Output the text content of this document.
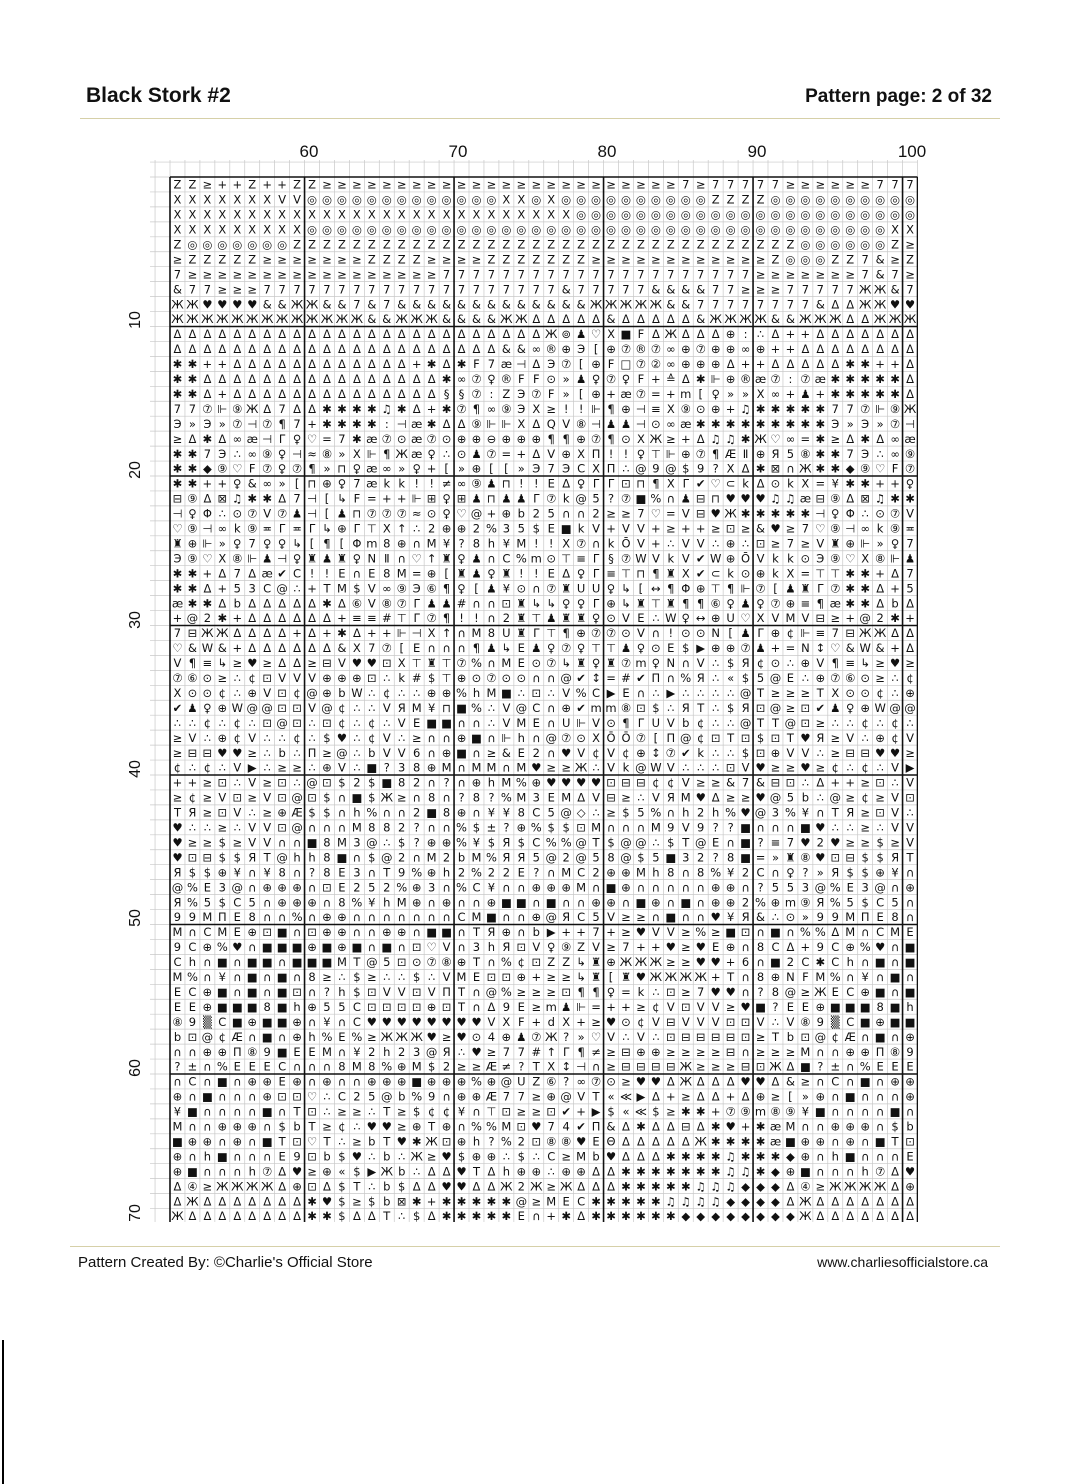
Black Stork #2	Pattern page: 2 of 32
60	70	80	90	100
10
20
30
40
50
60
70
Z Z ≥ + + Z + + Z Z ≥ ≥ ≥ ≥ ≥ ≥ ≥ ≥ ≥ ≥ ≥ ≥ ≥ ≥ ≥ ≥ ≥ ≥ ≥ ≥ ≥ ≥ ≥ ≥ 7 ≥ 7 7 7 7 7 ≥ ≥ ≥ ≥ ≥ ≥ 7 7 7
X X X X X X X V V ◎ ◎ ◎ ◎ ◎ ◎ ◎ ◎ ◎ ◎ ◎ ◎ ◎ X X ◎ X ◎ ◎ ◎ ◎ ◎ ◎ ◎ ◎ ◎ ◎ Z Z Z Z ◎ ◎ ◎ ◎ ◎ ◎ ◎ ◎ ◎ ◎
X X X X X X X X X X X X X X X X X X X X X X X X X X X ◎ ◎ ◎ ◎ ◎ ◎ ◎ ◎ ◎ ◎ ◎ ◎ ◎ ◎ ◎ ◎ ◎ ◎ ◎ ◎ ◎ ◎ ◎
X X X X X X X X X ◎ ◎ ◎ ◎ ◎ ◎ ◎ ◎ ◎ ◎ ◎ ◎ ◎ ◎ ◎ ◎ ◎ ◎ ◎ ◎ ◎ ◎ ◎ ◎ ◎ ◎ ◎ ◎ ◎ ◎ ◎ ◎ ◎ ◎ ◎ ◎ ◎ ◎ ◎ X X
Z ◎ ◎ ◎ ◎ ◎ ◎ ◎ Z Z Z Z Z Z Z Z Z Z Z Z Z Z Z Z Z Z Z Z Z Z Z Z Z Z Z Z Z Z Z Z Z Z ◎ ◎ ◎ ◎ ◎ ◎ Z ≥
≥ Z Z Z Z Z ≥ ≥ ≥ ≥ ≥ ≥ ≥ Z Z Z Z ≥ ≥ ≥ ≥ Z Z Z Z Z Z Z ≥ ≥ ≥ ≥ ≥ ≥ ≥ ≥ ≥ ≥ ≥ ≥ Z ◎ ◎ ◎ Z Z 7 & ≥ Z
7 ≥ ≥ ≥ ≥ ≥ ≥ ≥ ≥ ≥ ≥ ≥ ≥ ≥ ≥ ≥ ≥ ≥ 7 7 7 7 7 7 7 7 7 7 7 7 7 7 7 7 7 7 7 7 7 ≥ ≥ ≥ ≥ ≥ ≥ ≥ 7 & 7 ≥
& 7 7 ≥ ≥ ≥ 7 7 7 7 7 7 7 7 7 7 7 7 7 7 7 7 7 7 7 7 & 7 7 7 7 7 & & & & 7 7 ≥ ≥ ≥ 7 7 7 7 7 Ж Ж & 7
Ж Ж ♥ ♥ ♥ ♥ & & Ж Ж & & 7 & 7 & & & & & & & & & & & & & Ж Ж Ж Ж Ж & & 7 7 7 7 7 7 7 7 & Δ Δ Ж Ж ♥ ♥
Ж Ж Ж Ж Ж Ж Ж Ж Ж Ж Ж Ж Ж & & Ж Ж Ж & & & & Ж Ж Δ Δ Δ Δ Δ & Δ Δ Δ Δ Δ & Ж Ж Ж Ж & & Ж Ж Ж Δ Δ Ж Ж Ж
Δ Δ Δ Δ Δ Δ Δ Δ Δ Δ Δ Δ Δ Δ Δ Δ Δ Δ Δ Δ Δ Δ Δ Δ Δ Ж ⊚ ♟ ♡ Χ ■ F Δ Ж Δ Δ Δ ⊕ : ∴ Δ + + Δ Δ Δ Δ Δ Δ Δ
Δ Δ Δ Δ Δ Δ Δ Δ Δ Δ Δ Δ Δ Δ Δ Δ Δ Δ Δ Δ Δ Δ & & ∞ ® ⊕ Э [ ⊕ ⑦ ® ⑦ ∞ ⊕ ⑦ ⊕ ⊕ ∞ ⊕ + + Δ Δ Δ Δ Δ Δ Δ Δ
✱ ✱ + + Δ Δ Δ Δ Δ Δ Δ Δ Δ Δ Δ Δ + ✱ Δ ✱ F 7 æ ⊣ Δ Э ⑦ [ ⊕ F □ ⑦ ② ∞ ⊕ ⊕ ⊕ Δ + + Δ Δ Δ Δ Δ ✱ ✱ + + Δ
✱ ✱ Δ Δ Δ Δ Δ Δ Δ Δ Δ Δ Δ Δ Δ Δ Δ Δ ✱ ∞ ⑦ ♀ ® F F ⊙ » ♟ ♀ ⑦ ♀ F + ≙ Δ ✱ ⊩ ⊕ ® æ ⑦ : ⑦ æ ✱ ✱ ✱ ✱ ✱ Δ
✱ ✱ Δ + Δ Δ Δ Δ Δ Δ Δ Δ Δ Δ Δ Δ Δ Δ § § ⑦ : Z Э ⑦ F » [ ⊕ + æ ⑦ = + m [ ♀ » » X ∞ + ♟ + ✱ ✱ ✱ ✱ ✱ Δ
7 7 ⑦ ⊩ ⑨ Ж Δ 7 Δ Δ ✱ ✱ ✱ ✱ ♫ ✱ Δ + ✱ ⑦ ¶ ∞ ⑨ Э X ≥ ! ! ⊩ ¶ ⊕ ⊣ ≡ X ⑨ ⊙ ⊕ + ♫ ✱ ✱ ✱ ✱ ✱ 7 7 ⑦ ⊩ ⑨ Ж
Э » Э » ⑦ ⊣ ⑦ ¶ 7 + ✱ ✱ ✱ ✱ : ⊣ æ ✱ Δ Δ ⑨ ⊩ ⊩ X Δ Q V ⑧ ⊣ ♟ ♟ ⊣ ⊙ ∞ æ ✱ ✱ ✱ ✱ ✱ ✱ ✱ ✱ ✱ Э » Э » ⑦ ⊣
≥ Δ ✱ Δ ∞ æ ⊣ Γ ♀ ♡ = 7 ✱ æ ⑦ ⊙ æ ⑦ ⊙ ⊕ ⊕ ⊖ ⊕ ⊕ ⊕ ¶ ¶ ⊕ ⑦ ¶ ⊙ X Ж ≥ + Δ ♫ ♫ ✱ Ж ♡ ∞ = ✱ ≥ Δ ✱ Δ ∞ æ
✱ ✱ 7 Э ∴ ∞ ⑨ ♀ ⊣ ≈ ⑧ » X ⊩ ¶ Ж æ ♀ ∴ ⊙ ♟ ⑦ = + Δ V ⊕ X Π ! ! ♀ ⊤ ⊩ ⊕ ⑦ ¶ Æ Ⅱ ⊕ Я 5 ⑧ ✱ ✱ 7 Э ∴ ∞ ⑨
✱ ✱ ◆ ⑨ ♡ F ⑦ ♀ ⑦ ¶ » ⊓ ♀ æ ∞ » ♀ + [ » ⊕ [ [ » Э 7 Э C X Π ∴ @ 9 @ $ 9 ? X Δ ✱ ⊠ ∩ Ж ✱ ✱ ◆ ⑨ ♡ F ⑦
✱ ✱ + + ♀ & ∞ » [ ⊓ ⊕ ♀ 7 æ k k ! ! ≠ ∞ ⑨ ♟ ⊓ ! ! E Δ ♀ Γ Γ ⊡ ⊓ ¶ X Γ ✔ ♡ ⊂ k Δ ⊙ k X = ¥ ✱ ✱ + + ♀
⊟ ⑨ Δ ⊠ ♫ ✱ ✱ Δ 7 ⊣ [ ↳ F = + + ⊩ ⊞ ♀ ⊞ ♟ ⊓ ♟ ♟ Γ ⑦ k @ 5 ? ⑦ ■ % ∩ ♟ ⊟ ⊓ ♥ ♥ ♥ ♫ ♫ æ ⊟ ⑨ Δ ⊠ ♫ ✱ ✱
⊣ ♀ Φ ∴ ⊙ ⑦ V ⑦ ♟ ⊣ [ ♟ ⊓ ⑦ ⑦ ⑦ ≈ ⊙ ♀ ♡ @ + ⊕ b 2 5 ∩ ∩ 2 ≥ ≥ 7 ♡ = V ⊟ ♥ Ж ✱ ✱ ✱ ✱ ✱ ⊣ ♀ Φ ∴ ⊙ ⑦ V
♡ ⑨ ⊣ ∞ k ⑨ ≖ Γ ≖ Γ ↳ ⊕ Γ ⊤ X ↑ ∴ 2 ⊕ ⊕ 2 % 3 5 $ E ■ k V + V V + ≥ + + ≥ ⊡ ≥ & ♥ ≥ 7 ♡ ⑨ ⊣ ∞ k ⑨ ≖
♜ ⊕ ⊩ » ♀ 7 ♀ ♀ ↳ [ ¶ [ Φ m 8 ⊕ ∩ M ¥ ? 8 h ¥ M ! ! X ⑦ ∩ k Ō V + ∴ V V ∴ ⊕ ∴ ⊡ ≥ 7 ≥ V ♜ ⊕ ⊩ » ♀ 7
Э ⑨ ♡ X ⑧ ⊩ ♟ ⊣ ♀ ♜ ♟ ♜ ♀ N Ⅱ ∩ ♡ ↑ ♜ ♀ ♟ ∩ C % m ⊙ ⊤ ≡ Γ § ⑦ W V k V ✔ W ⊕ Ō V k k ⊙ Э ⑨ ♡ X ⑧ ⊩ ♟
✱ ✱ + Δ 7 Δ æ ✔ C ! ! E ∩ E 8 M = ⊕ [ ♜ ♟ ♀ ♜ ! ! E Δ ♀ Γ ≡ ⊤ ⊓ ¶ ♜ X ✔ ⊂ k ⊙ ⊕ k X = ⊤ ⊤ ✱ ✱ + Δ 7
✱ ✱ Δ + 5 3 C @ ∴ + T M $ V ∞ ⑨ Э ⑥ ¶ ♀ [ ♟ ¥ ⊙ ∩ ⑦ ♜ U U ♀ ↳ [ ↔ ¶ Φ ⊕ ⊤ ¶ ⊩ ⑦ [ ♟ ♜ Γ ⑦ ✱ ✱ Δ + 5
æ ✱ ✱ Δ b Δ Δ Δ Δ Δ ✱ Δ ⑥ V ⑧ ⑦ Γ ♟ ♟ # ∩ ∩ ⊡ ♜ ↳ ↳ ♀ ♀ Γ ⊕ ↳ ♜ ⊤ ♜ ¶ ¶ ⑥ ♀ ♟ ♀ ⑦ ⊕ ≡ ¶ æ ✱ ✱ Δ b Δ
+ @ 2 ✱ + Δ Δ Δ Δ Δ Δ + ≡ ≡ # ⊤ Γ ⑦ ¶ ! ! ∩ 2 ♜ ⊤ ♟ ♜ ♜ ♀ ⊙ V E ∴ W ♀ ↔ ⊕ U ♡ X V M V ⊟ ≥ + @ 2 ✱ +
7 ⊟ Ж Ж Δ Δ Δ Δ + Δ + ✱ Δ + + ⊩ ⊣ X ↑ ∩ M 8 U ♜ Γ ⊤ ¶ ⊕ ⑦ ⑦ ⊙ V ∩ ! ⊙ ⊙ N [ ♟ Γ ⊕ ¢ ⊩ ≡ 7 ⊟ Ж Ж Δ Δ
♡ & W & + Δ Δ Δ Δ Δ Δ & X 7 ⑦ [ E ∩ ∩ ∩ ¶ ♟ ↳ E ♟ ♀ ⑦ ♀ ⊤ ⊤ ♟ ♀ ⊙ E $ ▶ ⊕ ⊕ ⑦ ♟ + = N ↕ ♡ & W & + Δ
V ¶ ≡ ↳ ≥ ♥ ≥ Δ Δ ≥ ⊟ V ♥ ♥ ⊡ X ⊤ ♜ ⊤ ⑦ % ∩ M E ⊙ ⑦ ↳ ♜ ♀ ♜ ⑦ m ♀ N ∩ V ∴ $ Я ¢ ⊙ ∴ ⊕ V ¶ ≡ ↳ ≥ ♥ ≥
⑦ ⑥ ⊙ ≥ ∴ ¢ ⊡ V V V ⊕ ⊕ ⊕ ⊡ ∴ k # $ ⊤ ⊕ ⊙ ⑦ ⊙ ⊙ ∩ ∩ @ ✔ ↕ = # ✔ Π ∩ % Я ∴ « $ 5 @ E ∴ ⊕ ⑦ ⑥ ⊙ ≥ ∴ ¢
X ⊙ ⊙ ¢ ∴ ⊕ V ⊡ ¢ @ ⊕ b W ∴ ¢ ∴ ∴ ⊕ ⊕ % h M ■ ∴ ⊡ ∴ V % C ▶ E ∩ ∴ ▶ ∴ ∴ ∴ ∴ @ T ≥ ≥ ≥ T X ⊙ ⊙ ¢ ∴ ⊕
✔ ♟ ♀ ⊕ W @ @ ⊡ ⊡ V @ ¢ ∴ ∴ V Я M ¥ ⊓ ■ % ∴ V @ C ∩ ⊕ ✔ m m ⑧ ⊡ $ ∴ Я T ∴ $ Я ⊡ @ ≥ ⊡ ✔ ♟ ♀ ⊕ W @ @
∴ ∴ ¢ ∴ ¢ ∴ ⊡ @ ⊡ ∴ ⊡ ¢ ∴ ¢ ∴ V E ■ ■ ∩ ∩ ∴ V M E ∩ U ⊩ V ⊙ ¶ Γ U V b ¢ ∴ ∴ @ T T @ ⊡ ≥ ∴ ∴ ¢ ∴ ¢ ∴
≥ V ∴ ⊕ ¢ V ∴ ∴ ¢ ∴ $ ♥ ∴ ¢ V ∴ ≥ ∩ ∩ ⊕ ■ ∩ ⊩ h ∩ @ ⑦ ⊙ X Ō Ō ⑦ [ Π @ ¢ ⊡ T ⊡ $ ⊡ T ♥ Я ≥ V ∴ ⊕ ¢ V
≥ ⊟ ⊟ ♥ ♥ ≥ ∴ b ∴ Π ≥ @ ∴ b V V 6 ∩ ⊕ ■ ∩ ≥ & E 2 ∩ ♥ V ¢ V ¢ ⊕ ↕ ⑦ ✔ k ∴ ∴ $ ⊡ ⊕ V V ∴ ≥ ⊟ ⊟ ♥ ♥ ≥
¢ ∴ ¢ ∴ V ▶ ∴ ≥ ≥ ∴ ⊕ V ∴ ■ ? 3 8 ⊕ M ∩ M M ∩ M ♥ ≥ ≥ Ж ∴ V k @ W V ∴ ∴ ∴ ⊡ V ♥ ≥ ≥ ♥ ≥ ¢ ∴ ¢ ∴ V ▶
+ + ≥ ⊡ ∴ V ≥ ⊡ ∴ @ ⊡ $ 2 $ ■ 8 2 ∩ ? ∩ ⊕ h M % ⊕ ♥ ♥ ♥ ♥ ⊡ ⊟ ⊟ ¢ ¢ V ≥ ≥ & 7 & ⊟ ⊡ ∴ Δ + + ≥ ⊡ ∴ V
≥ ¢ ≥ V ⊡ ≥ V ⊡ @ ⊡ $ ∩ ■ $ Ж ≥ ∩ 8 ∩ ? 8 ? % M 3 E M Δ V ⊟ ≥ ∴ V Я M ♥ Δ ≥ ≥ ♥ @ 5 b ∴ @ ≥ ¢ ≥ V ⊡
T Я ≥ ⊡ V ∴ ≥ ⊕ Æ $ $ ∩ h % ∩ ∩ 2 ■ 8 ⊕ ∩ ¥ ¥ 8 C 5 @ ◇ ∴ ≥ $ 5 % ∩ h 2 h % ♥ @ 3 % ¥ ∩ T Я ≥ ⊡ V ∴
♥ ∴ ∴ ≥ ∴ V V ⊡ @ ∩ ∩ ∩ M 8 8 2 ? ∩ ∩ % $ ± ? ⊕ % $ $ ⊡ M ∩ ∩ ∩ M 9 V 9 ? ? ■ ∩ ∩ ∩ ■ ♥ ∴ ∴ ≥ ∴ V V
♥ ≥ ≥ $ ≥ V V ∩ ∩ ■ 8 M 3 @ ∴ $ ? ⊕ ⊕ % ¥ $ Я $ C % % @ T $ @ @ ∴ $ T @ E ∩ ■ ? ≡ 7 ♥ 2 ♥ ≥ ≥ $ ≥ V
♥ ⊡ ⊟ $ $ Я T @ h h 8 ■ ∩ $ @ 2 ∩ M 2 b M % Я Я 5 @ 2 @ 5 8 @ $ 5 ■ 3 2 ? 8 ■ = » ♜ ⑧ ♥ ⊡ ⊟ $ $ Я T
Я $ $ ⊕ ¥ ∩ ¥ 8 ∩ ? 8 E 3 ∩ T 9 % ⊕ h 2 % 2 2 E ? ∩ M C 2 ⊕ ⊕ M h 8 ∩ 8 % ¥ 2 C ∩ ♀ ? » Я $ $ ⊕ ¥ ∩
@ % E 3 @ ∩ ⊕ ⊕ ⊕ ∩ ⊡ E 2 5 2 % ⊕ 3 ∩ % C ¥ ∩ ∩ ⊕ ⊕ ⊕ M ∩ ■ ⊕ ∩ ∩ ∩ ∩ ∩ ⊕ ⊕ ∩ ? 5 5 3 @ % E 3 @ ∩ ⊕
Я % 5 $ C 5 ∩ ⊕ ⊕ ⊕ ∩ 8 % ¥ h M ⊕ ∩ ⊕ ∩ ∩ ⊕ ■ ■ ∩ ■ ∩ ∩ ⊕ ⊕ ∩ ■ ⊕ ∩ ■ ∩ ⊕ ⊕ 2 % ⊕ m ⑨ Я % 5 $ C 5 ∩
9 9 M Π E 8 ∩ ∩ % ∩ ⊕ ⊕ ∩ ∩ ∩ ∩ ∩ ∩ ∩ C M ■ ∩ ∩ ⊕ @ Я C 5 V ≥ ≥ ∩ ■ ∩ ∩ ♥ ¥ Я & ∴ ⊙ » 9 9 M Π E 8 ∩
M ∩ C M E ⊕ ⊡ ■ ∩ ⊡ ⊕ ⊕ ∩ ∩ ⊕ ⊕ ∩ ■ ■ ∩ T Я ⊕ ∩ b ▶ + + 7 + ≥ ♥ V V ≥ % ≥ ■ ⊡ ∩ ■ ∩ % % Δ M ∩ C M E
9 C ⊕ % ♥ ∩ ■ ■ ■ ⊕ ■ ⊕ ■ ∩ ■ ∩ ⊡ ♡ V ∩ 3 h Я ⊡ V ♀ ⑨ Z V ≥ 7 + + ♥ ≥ ♥ E ⊕ ∩ 8 C Δ + 9 C ⊕ % ♥ ∩ ■
C h ∩ ■ ∩ ■ ■ ∩ ■ ■ ■ M T @ 5 ⊡ ⊙ ⑦ ⑧ ⊕ T ∩ % ¢ ⊡ Z Z ↳ ♜ ⊕ Ж Ж Ж ≥ ≥ ♥ ♥ + 6 ∩ ■ 2 C ✱ C h ∩ ■ ∩ ■
M % ∩ ¥ ∩ ■ ∩ ■ ∩ 8 ≥ ∴ $ ≥ ∴ ∴ $ ∴ V M E ⊡ ⊡ ⊕ + ≥ ≥ ↳ ♜ [ ♜ ♥ Ж Ж Ж Ж + T ∩ 8 ⊕ N F M % ∩ ¥ ∩ ■ ∩
E C ⊕ ■ ∩ ■ ∩ ■ ⊡ ∩ ? h $ ⊡ V V ⊡ V Π T ∩ @ % ≥ ≥ ≥ ⊡ ¶ ¶ ♀ = k ∴ ⊡ ≥ 7 ♥ ♥ ∩ ? 8 @ ≥ Ж E C ⊕ ■ ∩ ■
E E ⊕ ■ ■ ■ 8 ■ h ⊕ 5 5 C ⊡ ⊡ ⊡ ⊡ ⊕ ⊡ Т ∩ Δ 9 E ≥ m ♟ ⊩ = + + ≥ ¢ V ⊡ V V ≥ ♥ ■ ? E E ⊕ ■ ■ ■ 8 ■ h
⑧ 9 ▒ C ■ ⊕ ■ ■ ⊕ ∩ ¥ ∩ C ♥ ♥ ♥ ♥ ♥ ♥ ♥ ♥ V X F + d X + ≥ ♥ ⊙ ¢ V ⊟ V V V ⊡ ⊡ V ∴ V ⑧ 9 ▒ C ■ ⊕ ■ ■
b ⊡ @ ¢ Æ ∩ ■ ∩ ⊕ h % E % ≥ Ж Ж Ж ♥ ≥ ♥ ⊙ 4 ⊕ ♟ ⑦ Ж ? » ♡ V ∴ V ∴ ⊡ ⊟ ⊟ ⊟ ⊟ ⊡ ≥ T b ⊡ @ ¢ Æ ∩ ■ ∩ ⊕
∩ ∩ ⊕ ⊕ Π ⑧ 9 ■ E E M ∩ ¥ 2 h 2 3 @ Я ∴ ♥ ≥ 7 7 # ↑ Γ ¶ ≠ ≥ ⊟ ⊕ ⊕ ≥ ≥ ≥ ≥ ⊟ ∩ ≥ ≥ ≥ M ∩ ∩ ⊕ ⊕ Π ⑧ 9
? ± ∩ % E E E C ∩ ∩ ∩ 8 M 8 % ⊕ M $ 2 ≥ ≥ Æ ≠ ? T X ↕ ⊣ ∩ ≥ ⊟ ⊟ ⊟ ⊟ Ж ≥ ≥ ≥ ⊟ ⊡ Ж Δ ■ ? ± ∩ % E E E
∩ C ∩ ■ ∩ ⊕ ⊕ E ⊕ ∩ ⊕ ∩ ∩ ⊕ ⊕ ⊕ ■ ⊕ ⊕ ⊕ % ⊕ @ U Z ⑥ ? ∞ ⑦ ⊙ ≥ ♥ ♥ Δ Ж Δ Δ Δ ♥ ♥ Δ & ≥ ∩ C ∩ ■ ∩ ⊕ ⊕
⊕ ∩ ■ ∩ ∩ ∩ ⊕ ⊡ ⊡ ♡ ∴ C 2 5 @ b % 9 ∩ ⊕ ⊕ Æ 7 7 ≥ ⊕ @ V T « ≪ ▶ Δ + ≥ Δ Δ + Δ ⊕ ≥ [ » ⊕ ∩ ■ ∩ ∩ ∩ ⊕
¥ ■ ∩ ∩ ∩ ∩ ■ ∩ T ⊡ ∴ ≥ ≥ ∴ T ≥ $ ¢ ¢ ¥ ∩ ⊤ ⊡ ≥ ≥ ⊡ ✔ + ▶ $ « ≪ $ ≥ ✱ ✱ + ⑦ ⑨ m ⑧ ⑨ ¥ ■ ∩ ∩ ∩ ∩ ■ ∩
M ∩ ∩ ⊕ ⊕ ⊕ ∩ $ b T ≥ ¢ ∴ ♥ ♥ ≥ ⊕ T ⊕ ∩ % % M ⊡ ♥ 7 4 ✔ Π & Δ ✱ Δ Δ ⊟ Δ ✱ ♥ + ✱ æ M ∩ ∩ ⊕ ⊕ ⊕ ∩ $ b
■ ⊕ ⊕ ∩ ⊕ ∩ ■ T ⊡ ♡ T ∴ ≥ b T ♥ ✱ Ж ⊡ ⊕ h ? % 2 ⊡ ⑧ ⑧ ♥ E Θ Δ Δ Δ Δ Δ Ж ✱ ✱ ✱ ✱ æ ■ ⊕ ⊕ ∩ ⊕ ∩ ■ T ⊡
⊕ ∩ h ■ ∩ ∩ ∩ E 9 ⊡ b $ ♥ ∴ b ∴ Ж ≥ ♥ $ ⊕ ⊕ ∴ $ ∴ C ≥ M b ♥ Δ Δ Δ ✱ ✱ ✱ ✱ ♫ ✱ ✱ ✱ ◆ ⊕ ∩ h ■ ∩ ∩ ∩ E
⊕ ■ ∩ ∩ ∩ h ⑦ Δ ♥ ≥ ⊕ « $ ▶ Ж b ∴ Δ Δ ♥ T Δ h ⊕ ⊕ ∴ ⊕ ⊕ Δ Δ ✱ ✱ ✱ ✱ ✱ ✱ ✱ ♫ ♫ ✱ ◆ ⊕ ■ ∩ ∩ ∩ h ⑦ Δ ♥
Δ ④ ≥ Ж Ж Ж Ж Δ ⊕ ⊡ Δ $ T ∴ b $ Δ Δ ♥ ♥ Δ Δ Ж 2 Ж ≥ Ж Δ Δ Δ ✱ ✱ ✱ ✱ ✱ ♫ ♫ ♫ ◆ ◆ ◆ Δ ④ ≥ Ж Ж Ж Ж Δ ⊕
Δ Ж Δ Δ Δ Δ Δ Δ Δ ✱ ♥ $ ≥ $ b ⊠ ✱ + ✱ ✱ ✱ ✱ ✱ @ ≥ M E C ✱ ✱ ✱ ✱ ✱ ♫ ♫ ♫ ♫ ◆ ◆ ◆ ◆ Δ Ж Δ Δ Δ Δ Δ Δ Δ
Ж Δ Δ Δ Δ Δ Δ Δ Δ ✱ ✱ $ Δ Δ T ∴ $ Δ ✱ ✱ ✱ ✱ ✱ E ∩ + ✱ Δ ✱ ✱ ✱ ✱ ✱ ✱ ◆ ◆ ◆ ◆ ◆ ◆ ◆ ◆ Ж Δ Δ Δ Δ Δ Δ Δ
Pattern Created By: ©Charlie's Official Store	www.charliesofficialstore.ca
